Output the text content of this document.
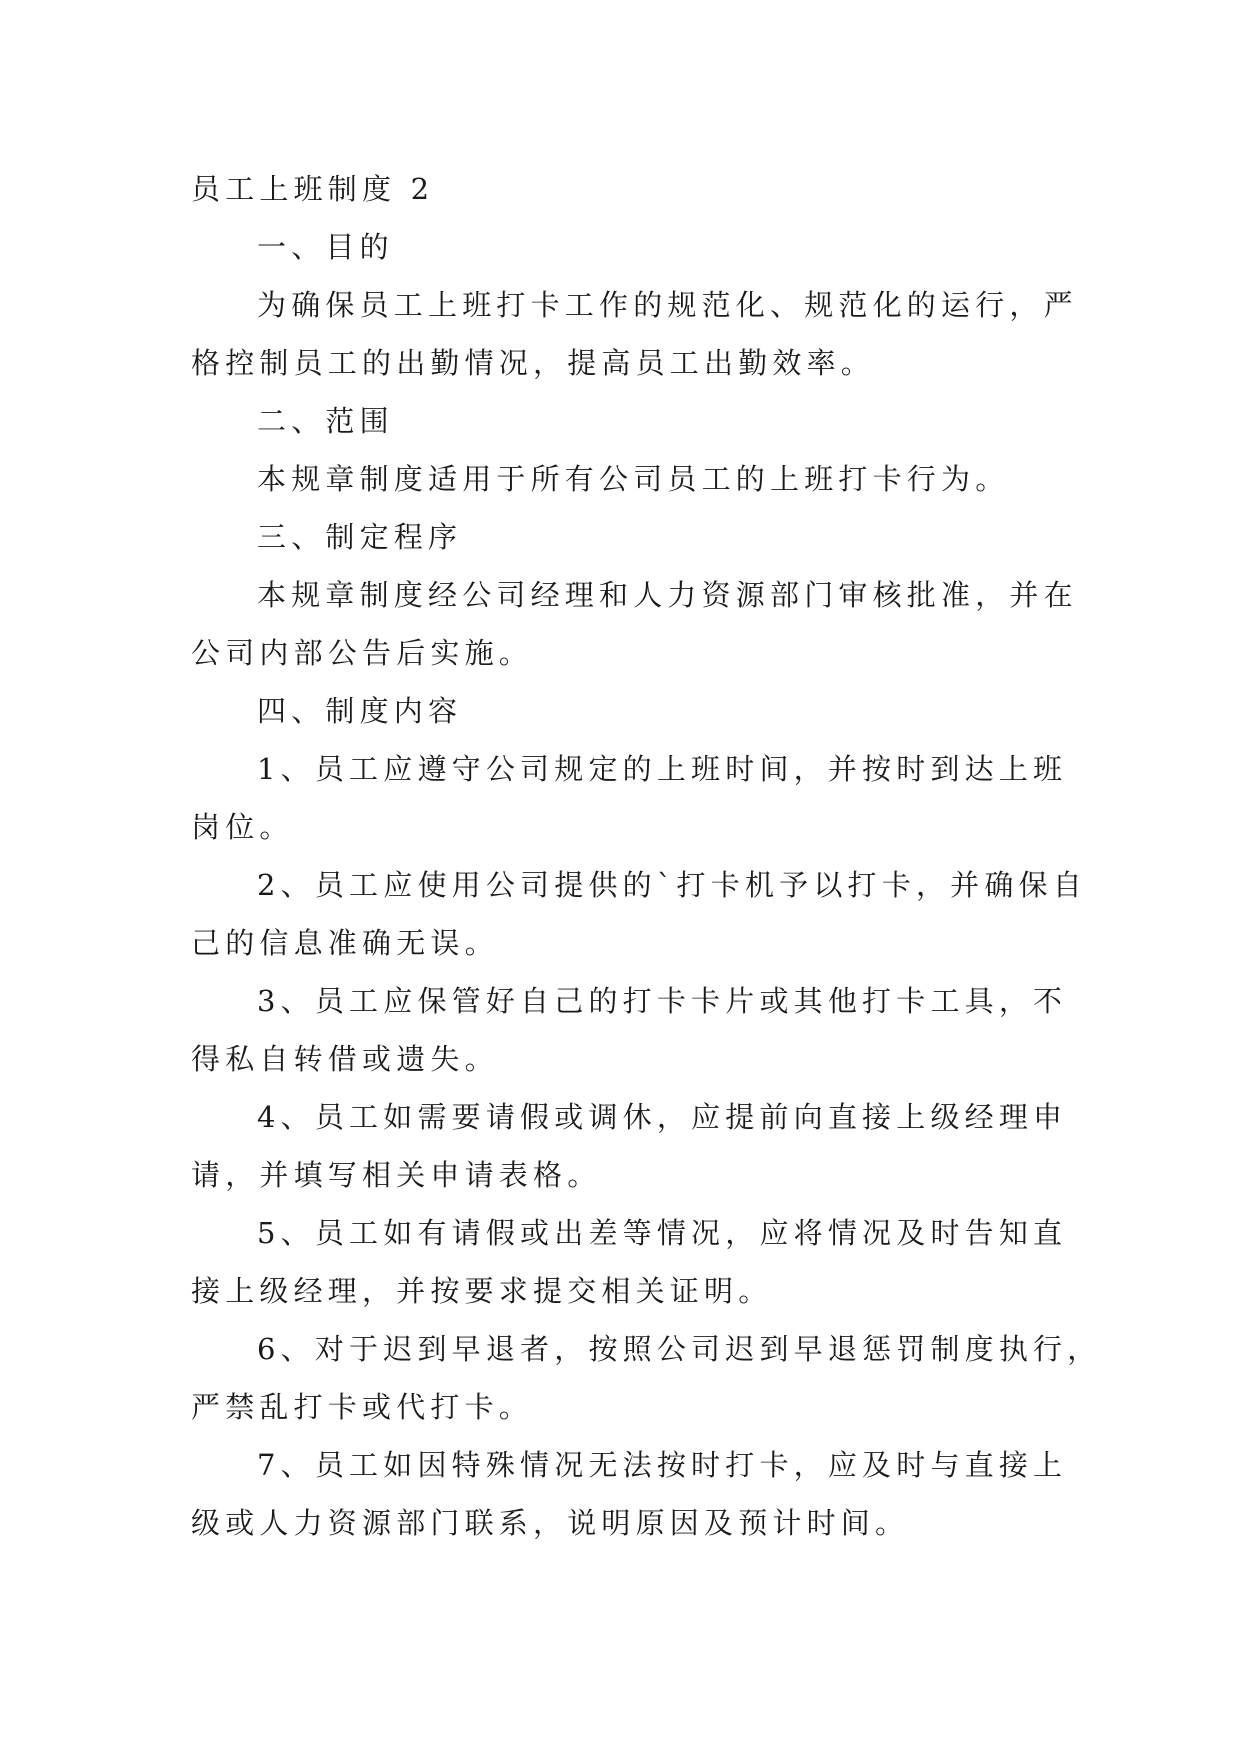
员工上班制度 2

一、目的

为确保员工上班打卡工作的规范化、规范化的运行，严

格控制员工的出勤情况，提高员工出勤效率。

二、范围

本规章制度适用于所有公司员工的上班打卡行为。

三、制定程序

本规章制度经公司经理和人力资源部门审核批准，并在

公司内部公告后实施。

四、制度内容

1、员工应遵守公司规定的上班时间，并按时到达上班

岗位。

2、员工应使用公司提供的`打卡机予以打卡，并确保自

己的信息准确无误。

3、员工应保管好自己的打卡卡片或其他打卡工具，不

得私自转借或遗失。

4、员工如需要请假或调休，应提前向直接上级经理申

请，并填写相关申请表格。

5、员工如有请假或出差等情况，应将情况及时告知直

接上级经理，并按要求提交相关证明。

6、对于迟到早退者，按照公司迟到早退惩罚制度执行，

严禁乱打卡或代打卡。

7、员工如因特殊情况无法按时打卡，应及时与直接上

级或人力资源部门联系，说明原因及预计时间。
